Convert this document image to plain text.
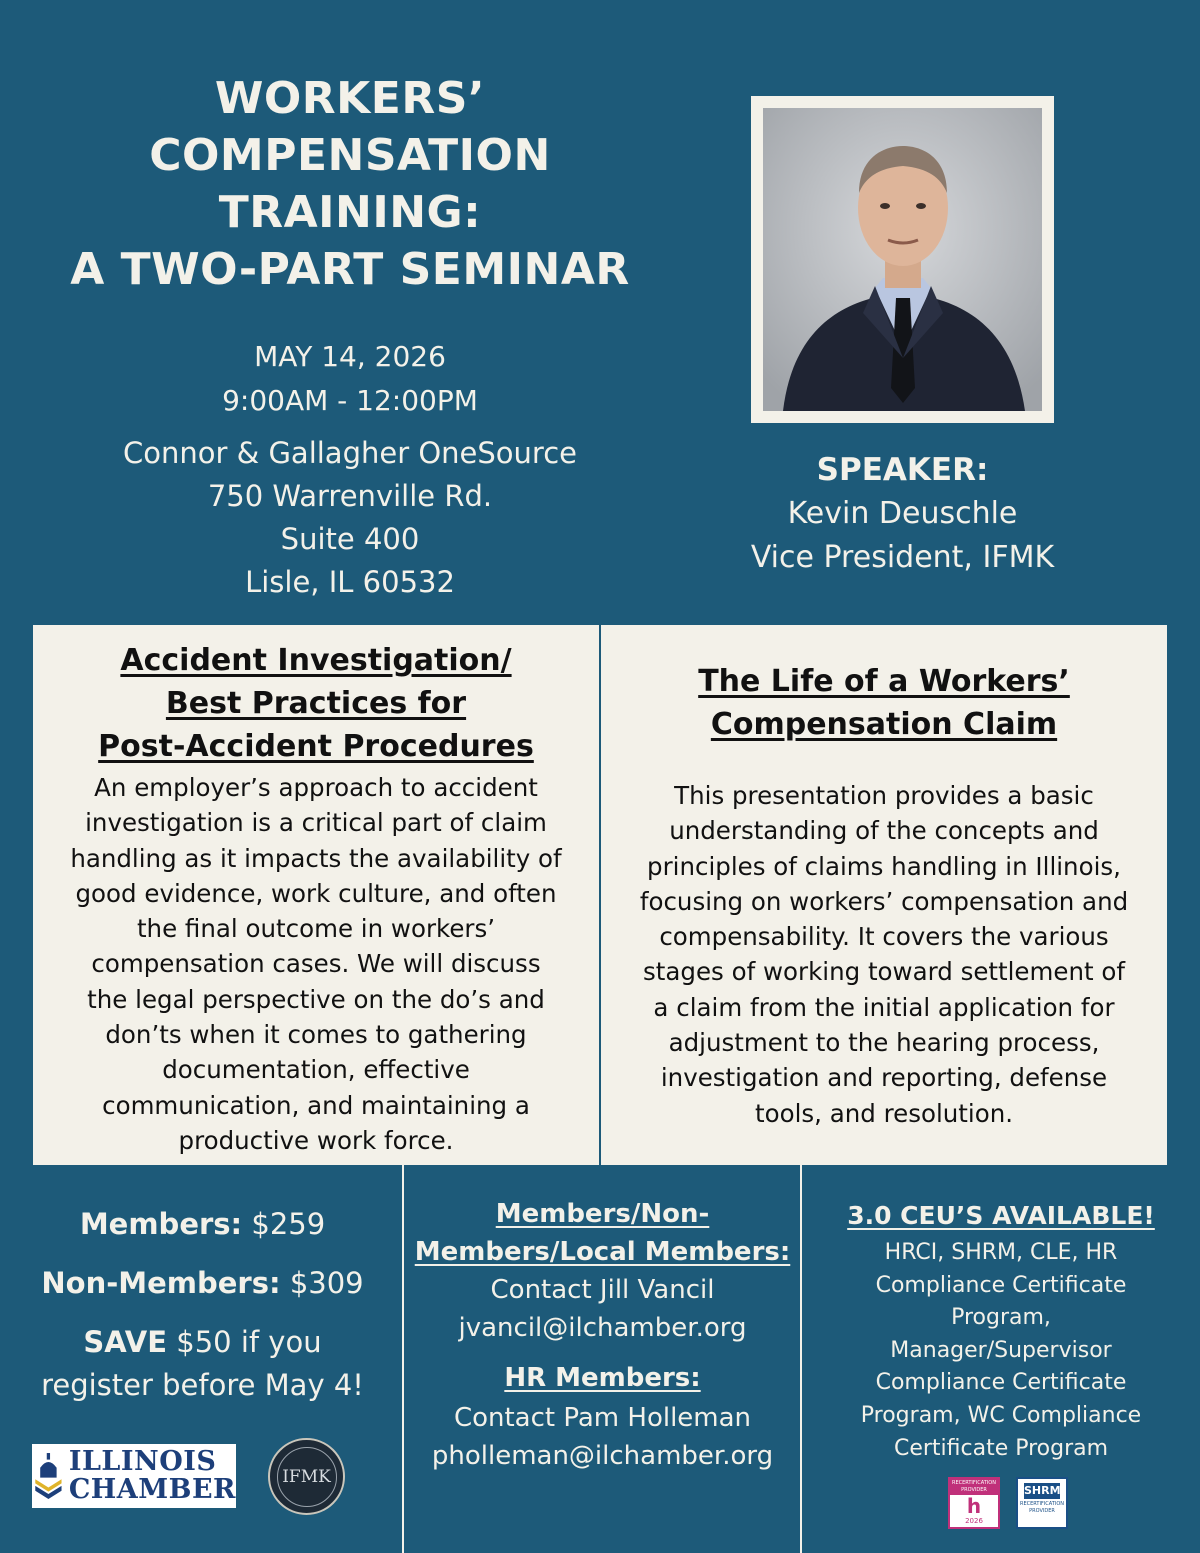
WORKERS’
COMPENSATION
TRAINING:
A TWO-PART SEMINAR
MAY 14, 2026
9:00AM - 12:00PM
Connor & Gallagher OneSource
750 Warrenville Rd.
Suite 400
Lisle, IL 60532
SPEAKER:
Kevin Deuschle
Vice President, IFMK
Accident Investigation/
Best Practices for
Post-Accident Procedures
An employer’s approach to accident
investigation is a critical part of claim
handling as it impacts the availability of
good evidence, work culture, and often
the final outcome in workers’
compensation cases. We will discuss
the legal perspective on the do’s and
don’ts when it comes to gathering
documentation, effective
communication, and maintaining a
productive work force.
The Life of a Workers’
Compensation Claim
This presentation provides a basic
understanding of the concepts and
principles of claims handling in Illinois,
focusing on workers’ compensation and
compensability. It covers the various
stages of working toward settlement of
a claim from the initial application for
adjustment to the hearing process,
investigation and reporting, defense
tools, and resolution.
Members: $259
Non-Members: $309
SAVE $50 if you
register before May 4!
Members/Non-
Members/Local Members:
Contact Jill Vancil
jvancil@ilchamber.org
HR Members:
Contact Pam Holleman
pholleman@ilchamber.org
3.0 CEU’S AVAILABLE!
HRCI, SHRM, CLE, HR
Compliance Certificate
Program,
Manager/Supervisor
Compliance Certificate
Program, WC Compliance
Certificate Program
ILLINOIS
CHAMBER	IFMK	RECERTIFICATION PROVIDER
h
2026
SHRM
RECERTIFICATION PROVIDER
